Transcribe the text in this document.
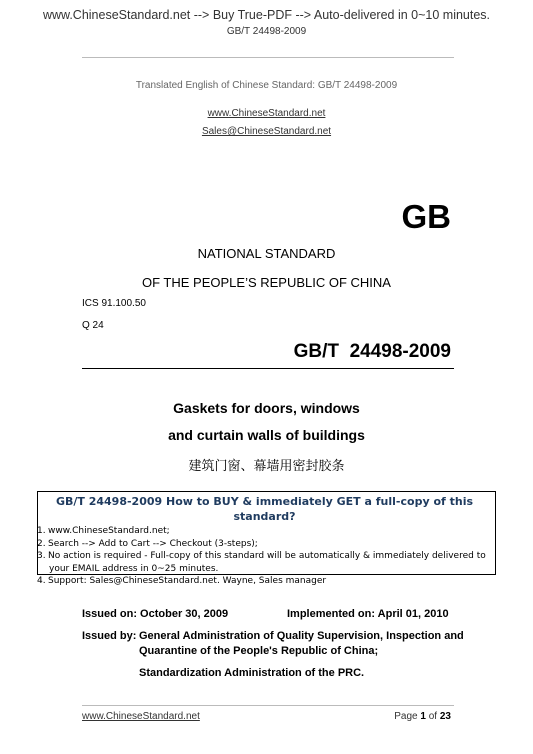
www.ChineseStandard.net --> Buy True-PDF --> Auto-delivered in 0~10 minutes.
GB/T 24498-2009
Translated English of Chinese Standard: GB/T 24498-2009
www.ChineseStandard.net
Sales@ChineseStandard.net
GB
NATIONAL STANDARD
OF THE PEOPLE’S REPUBLIC OF CHINA
ICS 91.100.50
Q 24
GB/T  24498-2009
Gaskets for doors, windows
and curtain walls of buildings
建筑门窗、幕墙用密封胶条
GB/T 24498-2009 How to BUY & immediately GET a full-copy of this standard?
1. www.ChineseStandard.net;
2. Search --> Add to Cart --> Checkout (3-steps);
3. No action is required - Full-copy of this standard will be automatically & immediately delivered to
your EMAIL address in 0~25 minutes.
4. Support: Sales@ChineseStandard.net. Wayne, Sales manager
Issued on: October 30, 2009	Implemented on: April 01, 2010
Issued by: General Administration of Quality Supervision, Inspection and
Quarantine of the People's Republic of China;
Standardization Administration of the PRC.
www.ChineseStandard.net	Page 1 of 23
